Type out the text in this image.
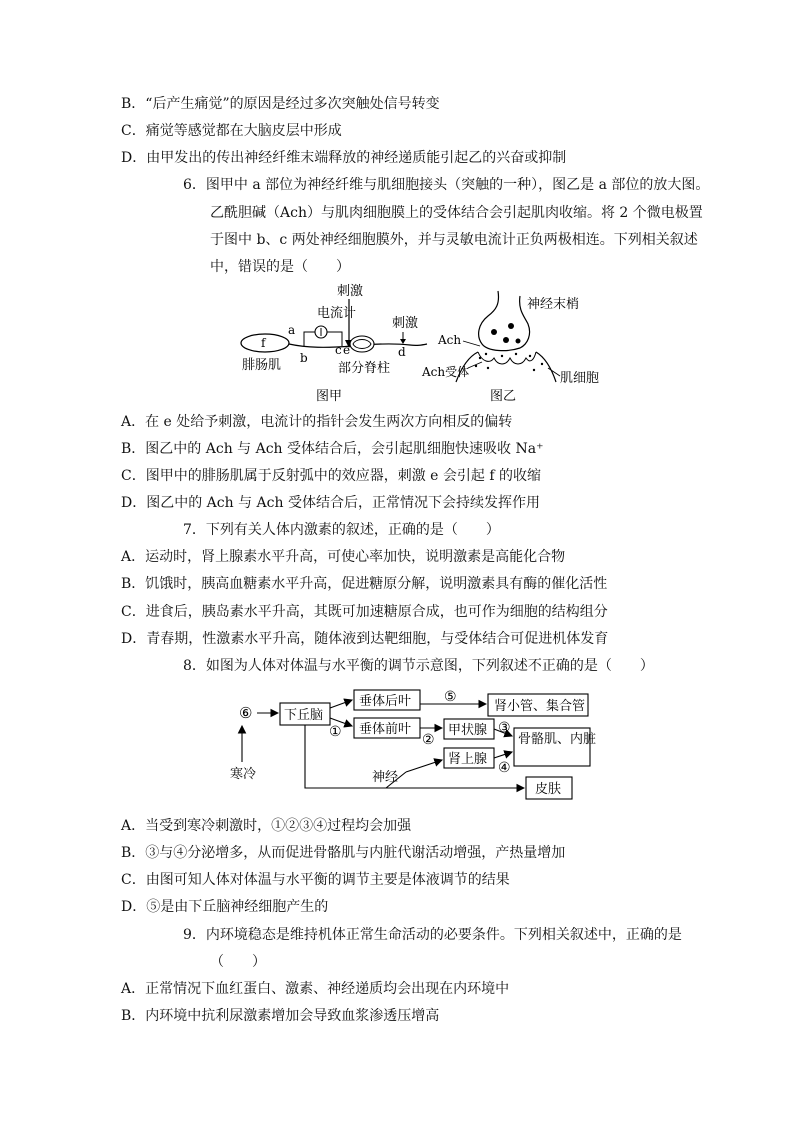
B．“后产生痛觉”的原因是经过多次突触处信号转变
C．痛觉等感觉都在大脑皮层中形成
D．由甲发出的传出神经纤维末端释放的神经递质能引起乙的兴奋或抑制
6．图甲中 a 部位为神经纤维与肌细胞接头（突触的一种），图乙是 a 部位的放大图。
乙酰胆碱（Ach）与肌肉细胞膜上的受体结合会引起肌肉收缩。将 2 个微电极置
于图中 b、c 两处神经细胞膜外，并与灵敏电流计正负两极相连。下列相关叙述
中，错误的是（　　）
刺激
电流计
a
b
c e	d
刺激
f
腓肠肌	部分脊柱
图甲
神经末梢
Ach
Ach受体	肌细胞
图乙
A．在 e 处给予刺激，电流计的指针会发生两次方向相反的偏转
B．图乙中的 Ach 与 Ach 受体结合后，会引起肌细胞快速吸收 Na⁺
C．图甲中的腓肠肌属于反射弧中的效应器，刺激 e 会引起 f 的收缩
D．图乙中的 Ach 与 Ach 受体结合后，正常情况下会持续发挥作用
7．下列有关人体内激素的叙述，正确的是（　　）
A．运动时，肾上腺素水平升高，可使心率加快，说明激素是高能化合物
B．饥饿时，胰高血糖素水平升高，促进糖原分解，说明激素具有酶的催化活性
C．进食后，胰岛素水平升高，其既可加速糖原合成，也可作为细胞的结构组分
D．青春期，性激素水平升高，随体液到达靶细胞，与受体结合可促进机体发育
8．如图为人体对体温与水平衡的调节示意图，下列叙述不正确的是（　　）
⑥ 下丘脑
寒冷
①
垂体后叶
垂体前叶
⑤
肾小管、集合管
②
甲状腺 ③
骨骼肌、内脏
肾上腺
④
神经
皮肤
A．当受到寒冷刺激时，①②③④过程均会加强
B．③与④分泌增多，从而促进骨骼肌与内脏代谢活动增强，产热量增加
C．由图可知人体对体温与水平衡的调节主要是体液调节的结果
D．⑤是由下丘脑神经细胞产生的
9．内环境稳态是维持机体正常生命活动的必要条件。下列相关叙述中，正确的是
（　　）
A．正常情况下血红蛋白、激素、神经递质均会出现在内环境中
B．内环境中抗利尿激素增加会导致血浆渗透压增高
